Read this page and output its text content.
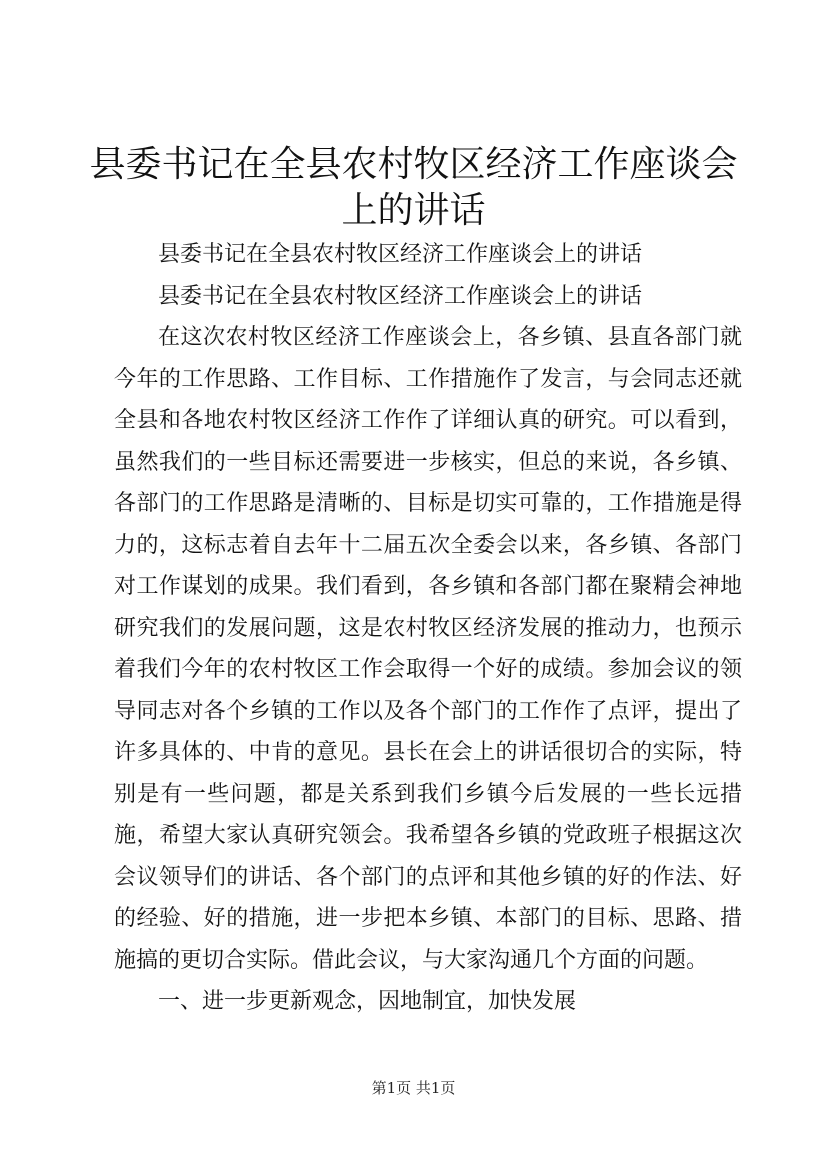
县委书记在全县农村牧区经济工作座谈会上的讲话

县委书记在全县农村牧区经济工作座谈会上的讲话

县委书记在全县农村牧区经济工作座谈会上的讲话

在这次农村牧区经济工作座谈会上，各乡镇、县直各部门就今年的工作思路、工作目标、工作措施作了发言，与会同志还就全县和各地农村牧区经济工作作了详细认真的研究。可以看到，虽然我们的一些目标还需要进一步核实，但总的来说，各乡镇、各部门的工作思路是清晰的、目标是切实可靠的，工作措施是得力的，这标志着自去年十二届五次全委会以来，各乡镇、各部门对工作谋划的成果。我们看到，各乡镇和各部门都在聚精会神地研究我们的发展问题，这是农村牧区经济发展的推动力，也预示着我们今年的农村牧区工作会取得一个好的成绩。参加会议的领导同志对各个乡镇的工作以及各个部门的工作作了点评，提出了许多具体的、中肯的意见。县长在会上的讲话很切合的实际，特别是有一些问题，都是关系到我们乡镇今后发展的一些长远措施，希望大家认真研究领会。我希望各乡镇的党政班子根据这次会议领导们的讲话、各个部门的点评和其他乡镇的好的作法、好的经验、好的措施，进一步把本乡镇、本部门的目标、思路、措施搞的更切合实际。借此会议，与大家沟通几个方面的问题。

一、进一步更新观念，因地制宜，加快发展

第1页 共1页
